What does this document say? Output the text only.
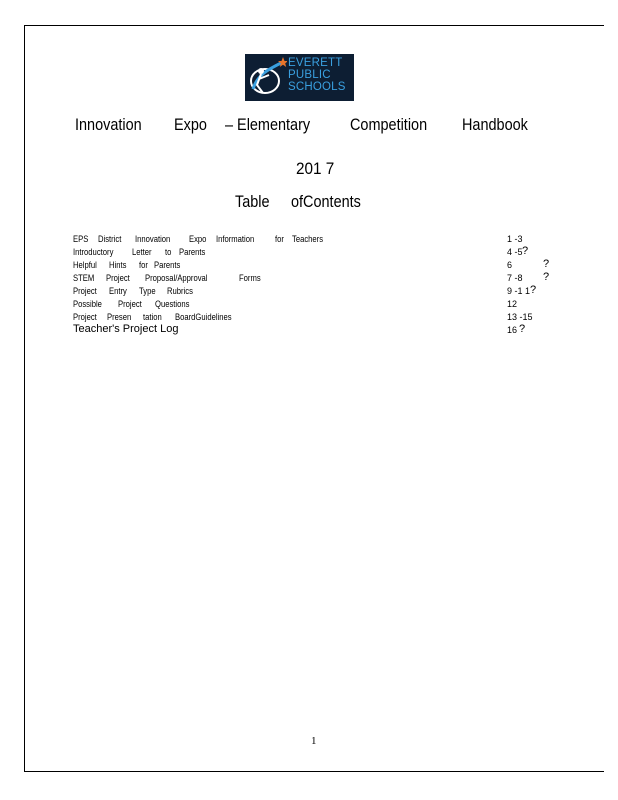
EVERETT
PUBLIC
SCHOOLS
Innovation Expo – Elementary Competition Handbook
201 7
Table ofContents
EPS District Innovation Expo Information for Teachers	1 -3
Introductory Letter to Parents	4 -5 ?
Helpful Hints for Parents	6	?
STEM Project Proposal/Approval	Forms	7 -8 ?
Project Entry Type Rubrics	9 -1 1 ?
Possible Project Questions	12
Project Presen tation BoardGuidelines	13 -15
Teacher's Project Log	16 ?
1
